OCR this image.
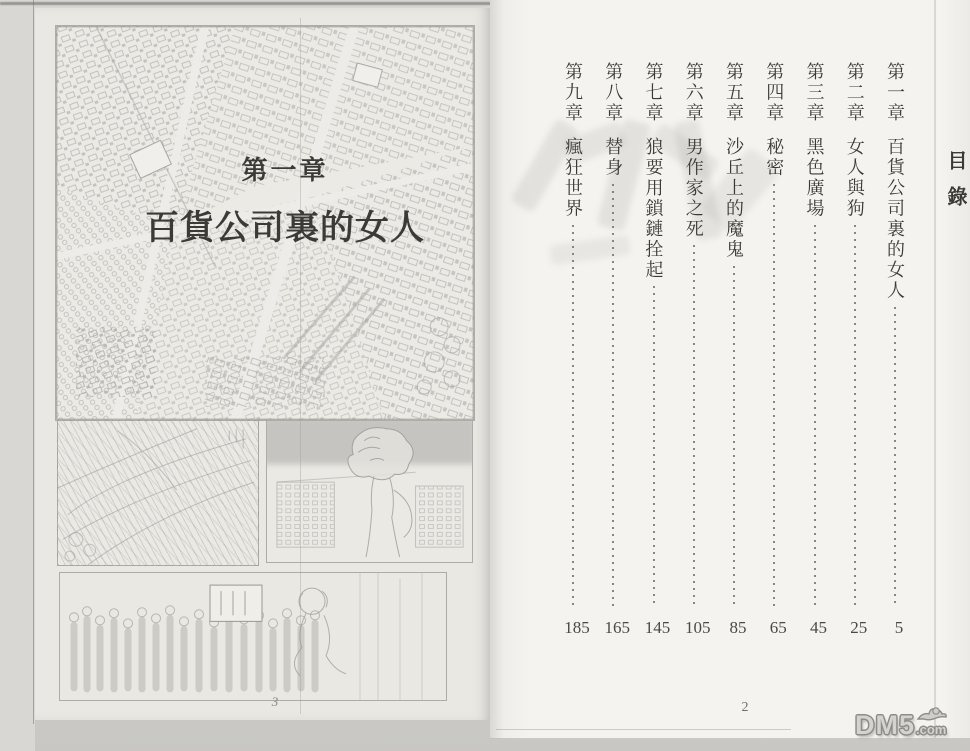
第一章
百貨公司裏的女人
3
目錄
2
第一章
百貨公司裏的女人
5
第二章
女人與狗
25
第三章
黑色廣場
45
第四章
秘密
65
第五章
沙丘上的魔鬼
85
第六章
男作家之死
105
第七章
狼要用鎖鏈拴起
145
第八章
替身
165
第九章
瘋狂世界
185
DM5.com
